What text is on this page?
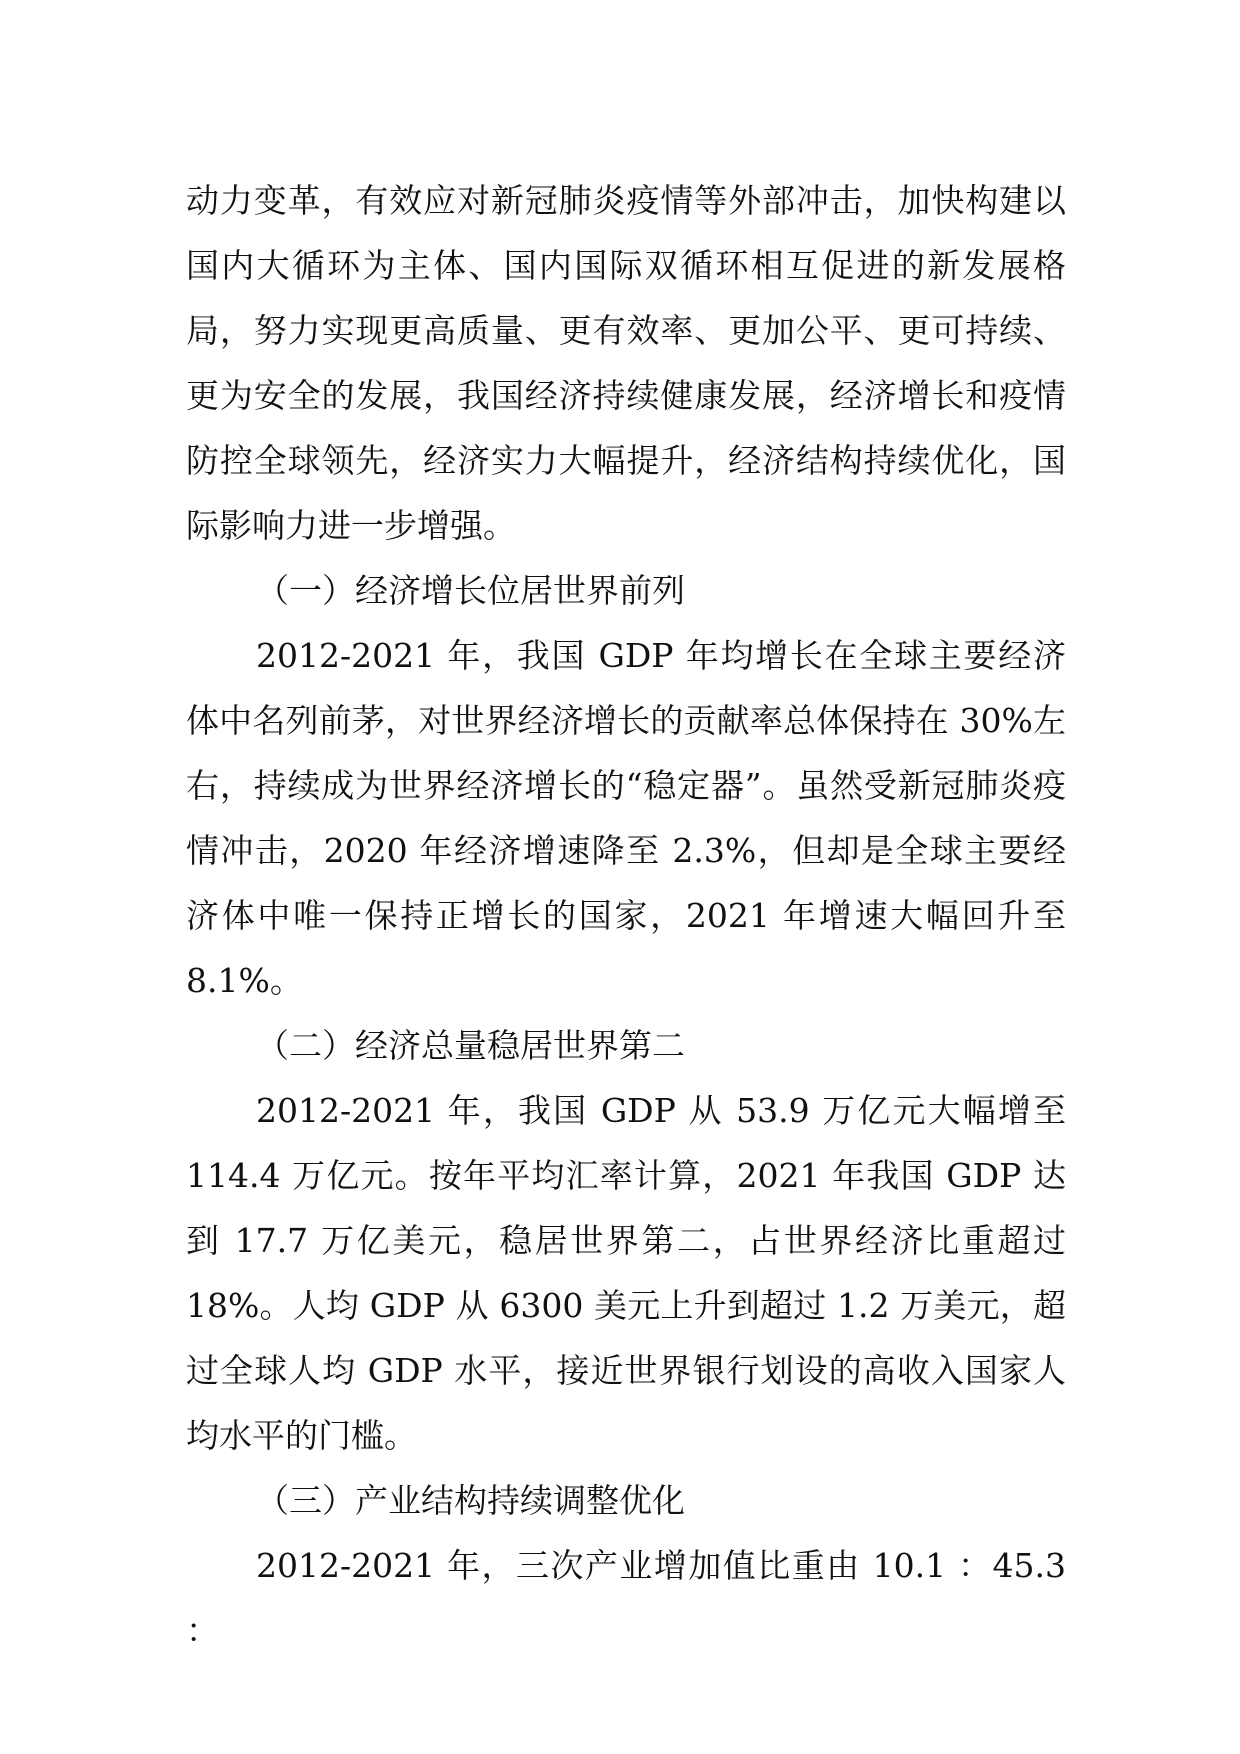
动力变革，有效应对新冠肺炎疫情等外部冲击，加快构建以国内大循环为主体、国内国际双循环相互促进的新发展格局，努力实现更高质量、更有效率、更加公平、更可持续、更为安全的发展，我国经济持续健康发展，经济增长和疫情防控全球领先，经济实力大幅提升，经济结构持续优化，国际影响力进一步增强。

（一）经济增长位居世界前列

2012-2021 年，我国 GDP 年均增长在全球主要经济体中名列前茅，对世界经济增长的贡献率总体保持在 30%左右，持续成为世界经济增长的“稳定器”。虽然受新冠肺炎疫情冲击，2020 年经济增速降至 2.3%，但却是全球主要经济体中唯一保持正增长的国家，2021 年增速大幅回升至8.1%。

（二）经济总量稳居世界第二

2012-2021 年，我国 GDP 从 53.9 万亿元大幅增至 114.4 万亿元。按年平均汇率计算，2021 年我国 GDP 达到 17.7 万亿美元，稳居世界第二，占世界经济比重超过 18%。人均 GDP 从 6300 美元上升到超过 1.2 万美元，超过全球人均 GDP 水平，接近世界银行划设的高收入国家人均水平的门槛。

（三）产业结构持续调整优化

2012-2021 年，三次产业增加值比重由 10.1 ：45.3 ：
